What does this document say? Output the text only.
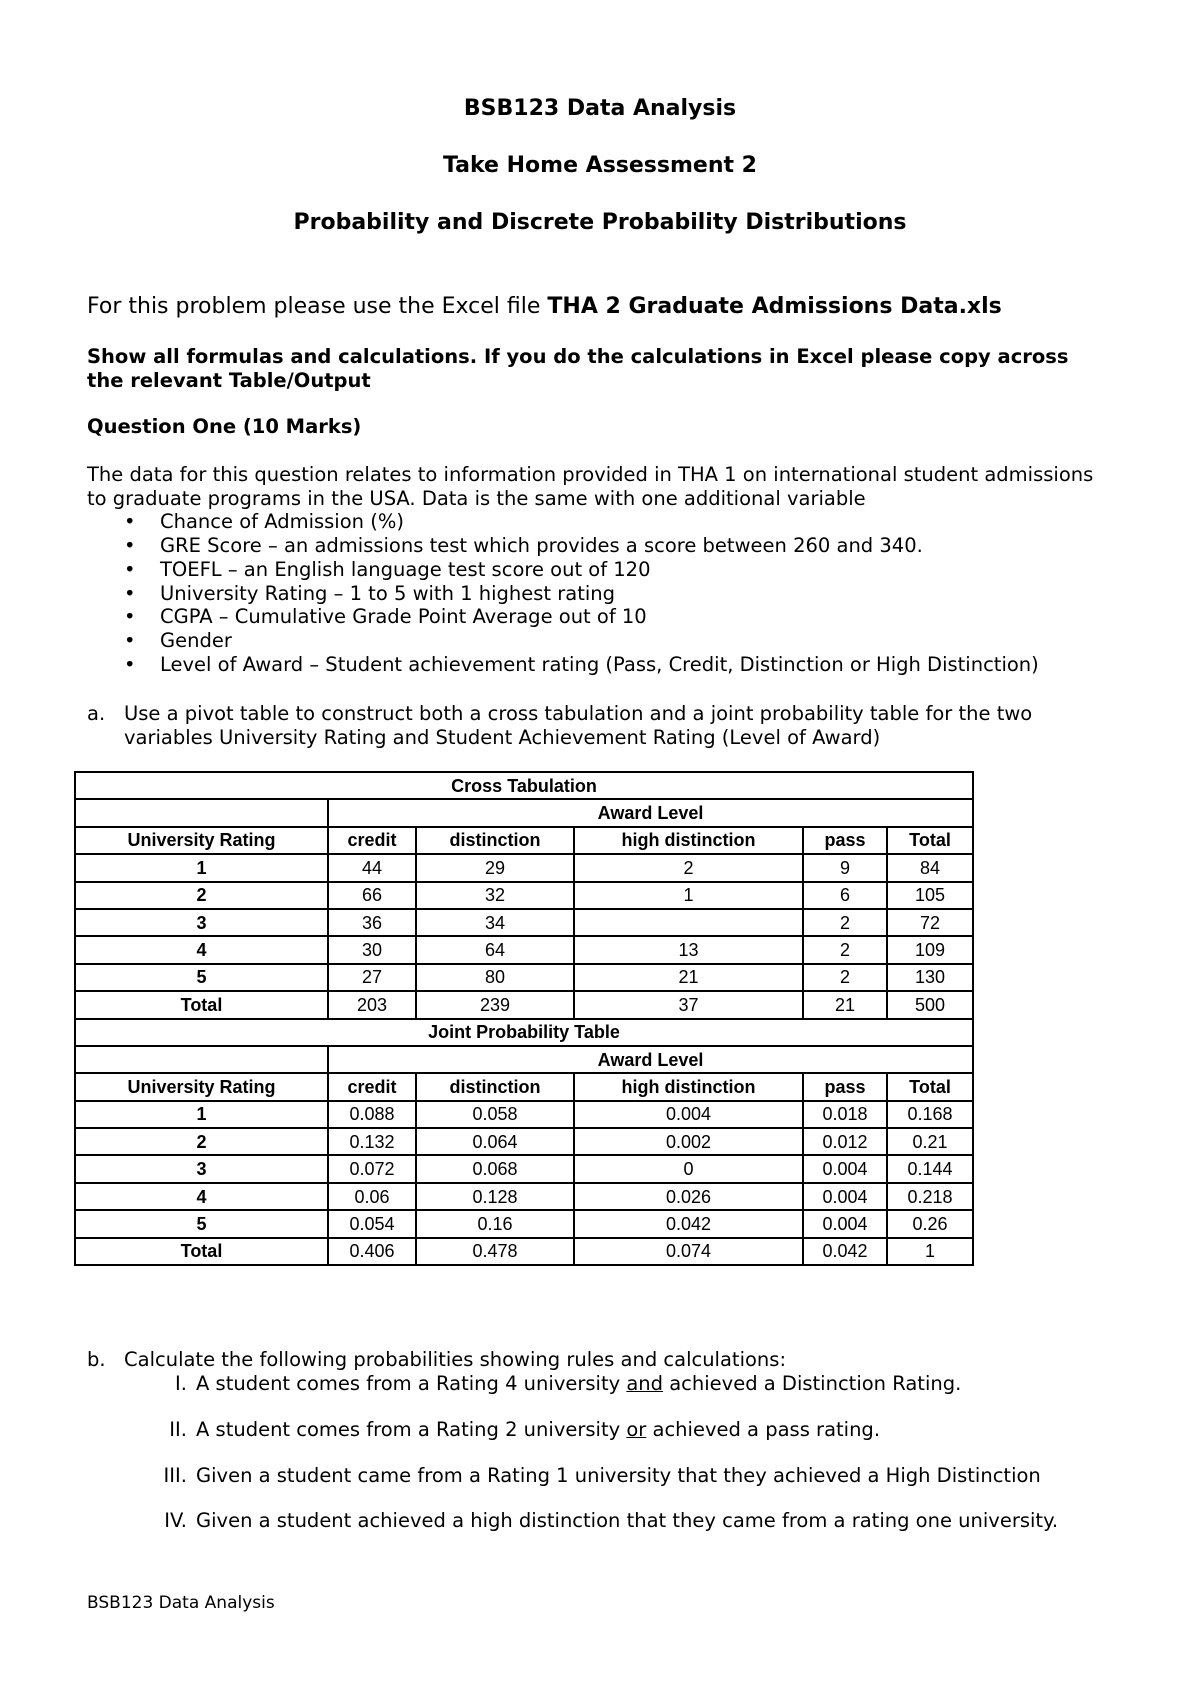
BSB123 Data Analysis
Take Home Assessment 2
Probability and Discrete Probability Distributions
For this problem please use the Excel file THA 2 Graduate Admissions Data.xls
Show all formulas and calculations. If you do the calculations in Excel please copy across
the relevant Table/Output
Question One (10 Marks)
The data for this question relates to information provided in THA 1 on international student admissions
to graduate programs in the USA. Data is the same with one additional variable
Chance of Admission (%)
GRE Score – an admissions test which provides a score between 260 and 340.
TOEFL – an English language test score out of 120
University Rating – 1 to 5 with 1 highest rating
CGPA – Cumulative Grade Point Average out of 10
Gender
Level of Award – Student achievement rating (Pass, Credit, Distinction or High Distinction)
a. Use a pivot table to construct both a cross tabulation and a joint probability table for the two
variables University Rating and Student Achievement Rating (Level of Award)
Cross Tabulation					
	Award Level				
University Rating	credit	distinction	high distinction	pass	Total
1	44	29	2	9	84
2	66	32	1	6	105
3	36	34		2	72
4	30	64	13	2	109
5	27	80	21	2	130
Total	203	239	37	21	500
Joint Probability Table					
	Award Level				
University Rating	credit	distinction	high distinction	pass	Total
1	0.088	0.058	0.004	0.018	0.168
2	0.132	0.064	0.002	0.012	0.21
3	0.072	0.068	0	0.004	0.144
4	0.06	0.128	0.026	0.004	0.218
5	0.054	0.16	0.042	0.004	0.26
Total	0.406	0.478	0.074	0.042	1
b. Calculate the following probabilities showing rules and calculations:
I. A student comes from a Rating 4 university and achieved a Distinction Rating.
II. A student comes from a Rating 2 university or achieved a pass rating.
III. Given a student came from a Rating 1 university that they achieved a High Distinction
IV. Given a student achieved a high distinction that they came from a rating one university.
BSB123 Data Analysis
